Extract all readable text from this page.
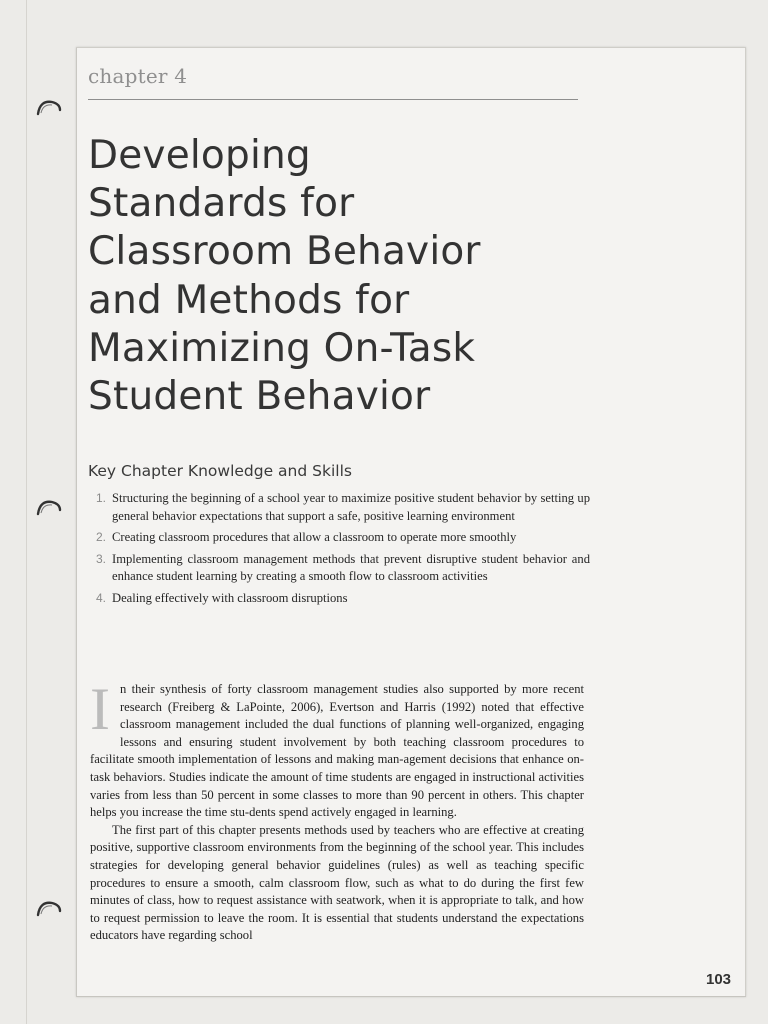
chapter 4
Developing
Standards for
Classroom Behavior
and Methods for
Maximizing On-Task
Student Behavior
Key Chapter Knowledge and Skills
1. Structuring the beginning of a school year to maximize positive student behavior by setting up general behavior expectations that support a safe, positive learning environment
2. Creating classroom procedures that allow a classroom to operate more smoothly
3. Implementing classroom management methods that prevent disruptive student behavior and enhance student learning by creating a smooth flow to classroom activities
4. Dealing effectively with classroom disruptions

In their synthesis of forty classroom management studies also supported by more recent research (Freiberg & LaPointe, 2006), Evertson and Harris (1992) noted that effective classroom management included the dual functions of planning well-organized, engaging lessons and ensuring student involvement by both teaching classroom procedures to facilitate smooth implementation of lessons and making man-agement decisions that enhance on-task behaviors. Studies indicate the amount of time students are engaged in instructional activities varies from less than 50 percent in some classes to more than 90 percent in others. This chapter helps you increase the time stu-dents spend actively engaged in learning.

The first part of this chapter presents methods used by teachers who are effective at creating positive, supportive classroom environments from the beginning of the school year. This includes strategies for developing general behavior guidelines (rules) as well as teaching specific procedures to ensure a smooth, calm classroom flow, such as what to do during the first few minutes of class, how to request assistance with seatwork, when it is appropriate to talk, and how to request permission to leave the room. It is essential that students understand the expectations educators have regarding school

103
